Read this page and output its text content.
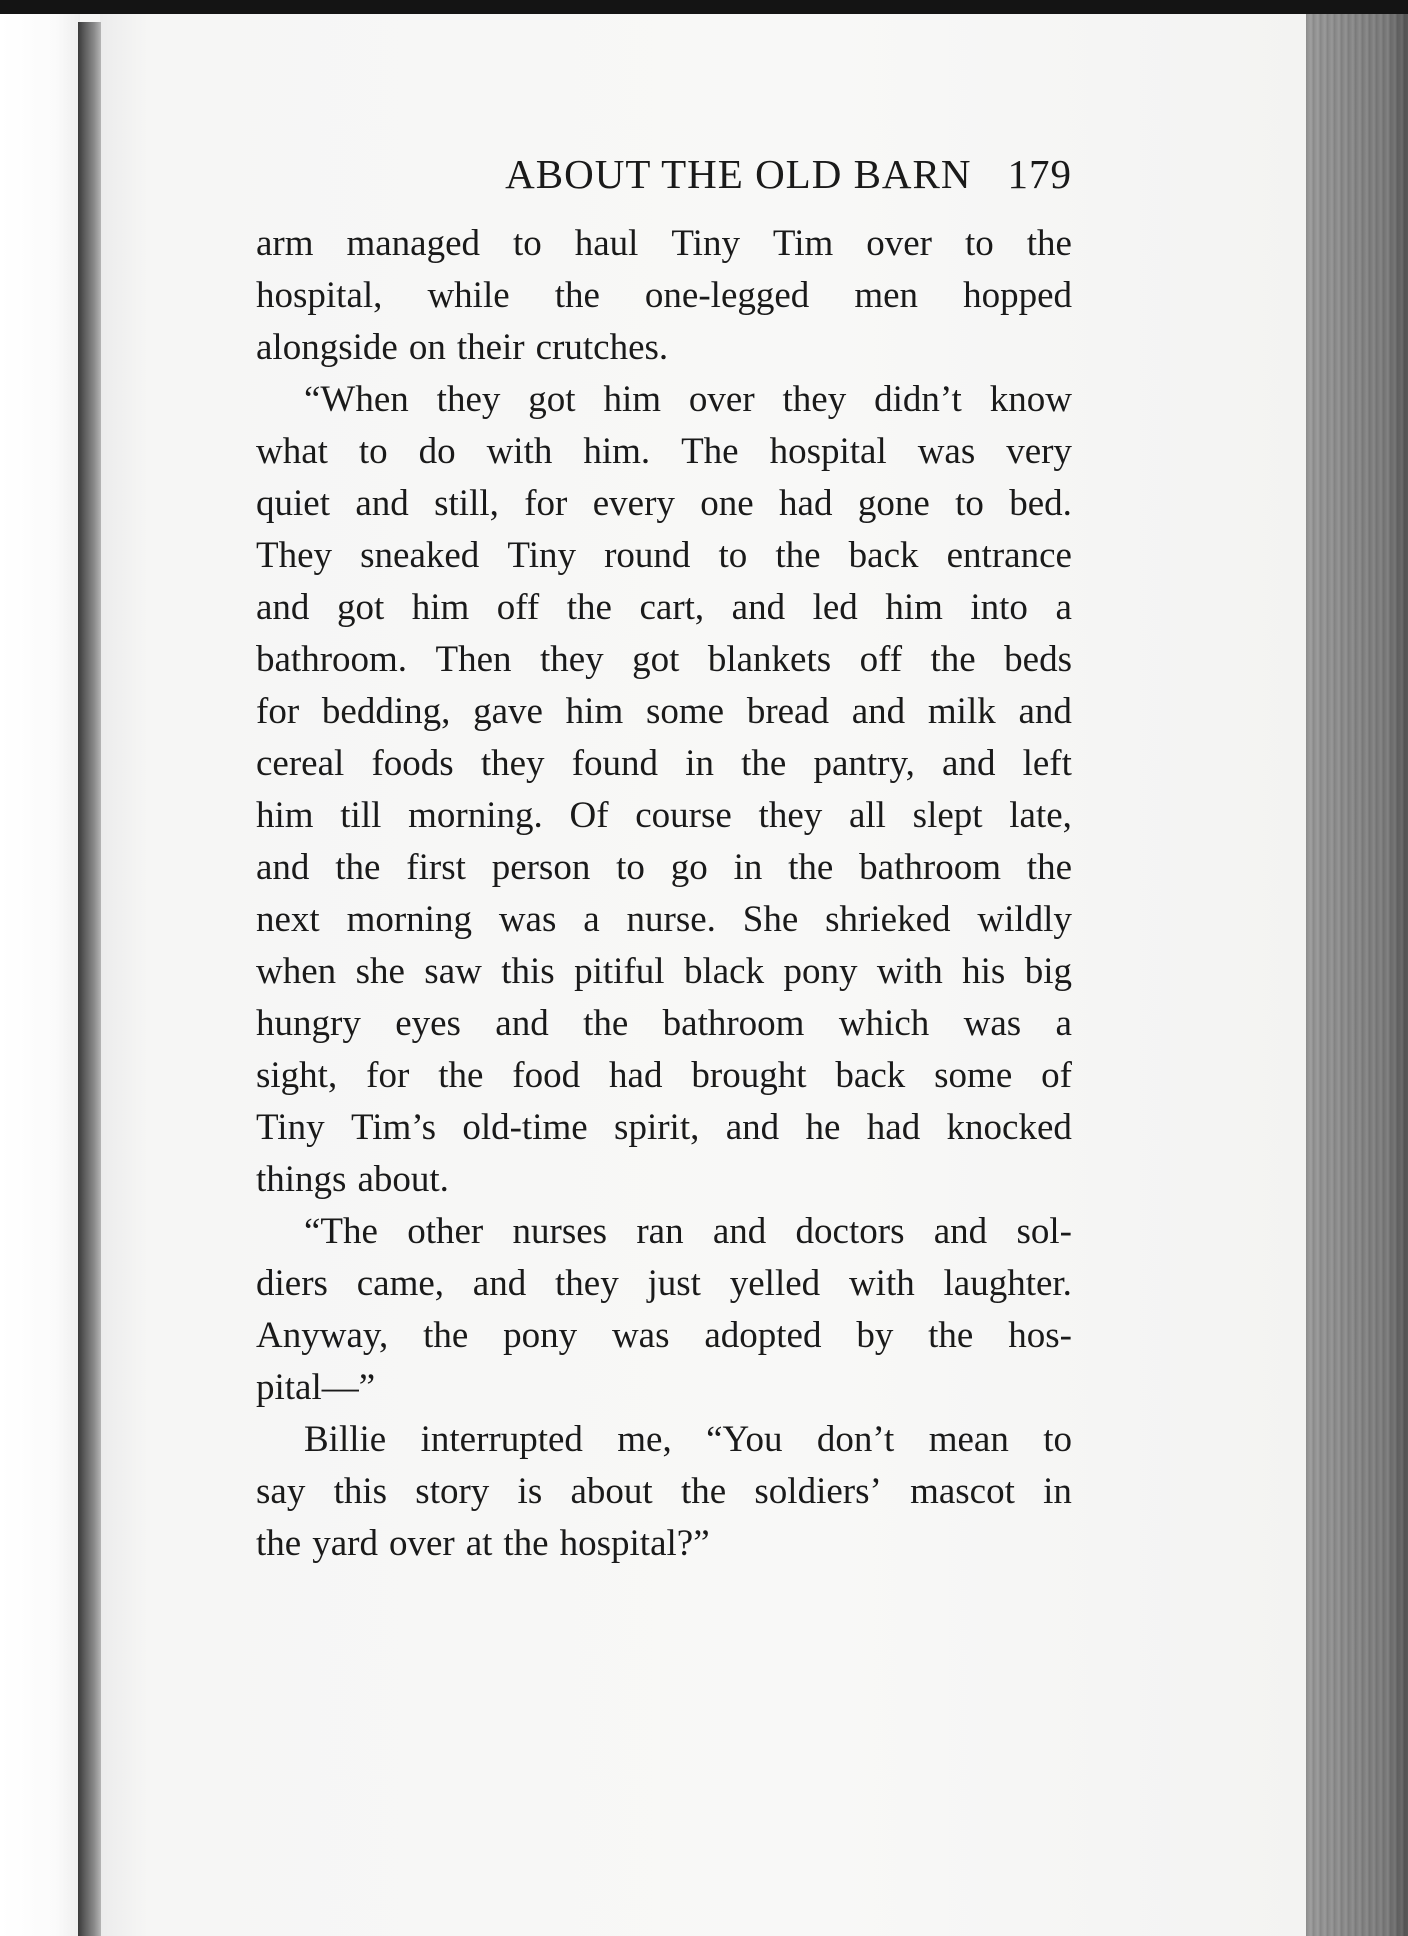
ABOUT THE OLD BARN 179
arm managed to haul Tiny Tim over to the
hospital, while the one-legged men hopped
alongside on their crutches.
“When they got him over they didn’t know
what to do with him. The hospital was very
quiet and still, for every one had gone to bed.
They sneaked Tiny round to the back entrance
and got him off the cart, and led him into a
bathroom. Then they got blankets off the beds
for bedding, gave him some bread and milk and
cereal foods they found in the pantry, and left
him till morning. Of course they all slept late,
and the first person to go in the bathroom the
next morning was a nurse. She shrieked wildly
when she saw this pitiful black pony with his big
hungry eyes and the bathroom which was a
sight, for the food had brought back some of
Tiny Tim’s old-time spirit, and he had knocked
things about.
“The other nurses ran and doctors and sol-
diers came, and they just yelled with laughter.
Anyway, the pony was adopted by the hos-
pital—”
Billie interrupted me, “You don’t mean to
say this story is about the soldiers’ mascot in
the yard over at the hospital?”
